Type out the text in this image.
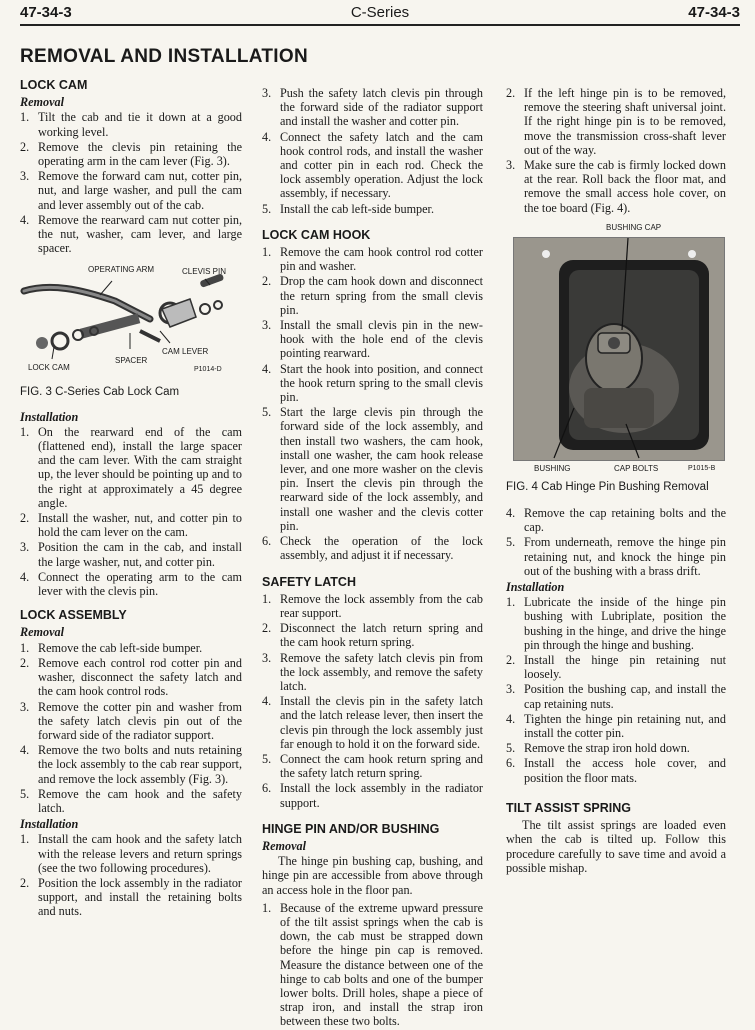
47-34-3	C-Series	47-34-3
REMOVAL AND INSTALLATION
LOCK CAM
Removal
1. Tilt the cab and tie it down at a good working level.
2. Remove the clevis pin retaining the operating arm in the cam lever (Fig. 3).
3. Remove the forward cam nut, cotter pin, nut, and large washer, and pull the cam and lever assembly out of the cab.
4. Remove the rearward cam nut cotter pin, the nut, washer, cam lever, and large spacer.
OPERATING ARM	CLEVIS PIN
CAM LEVER
LOCK CAM
SPACER
P1014-D
FIG. 3 C-Series Cab Lock Cam
Installation
1. On the rearward end of the cam (flattened end), install the large spacer and the cam lever. With the cam straight up, the lever should be pointing up and to the right at approximately a 45 degree angle.
2. Install the washer, nut, and cotter pin to hold the cam lever on the cam.
3. Position the cam in the cab, and install the large washer, nut, and cotter pin.
4. Connect the operating arm to the cam lever with the clevis pin.
LOCK ASSEMBLY
Removal
1. Remove the cab left-side bumper.
2. Remove each control rod cotter pin and washer, disconnect the safety latch and the cam hook control rods.
3. Remove the cotter pin and washer from the safety latch clevis pin out of the forward side of the radiator support.
4. Remove the two bolts and nuts retaining the lock assembly to the cab rear support, and remove the lock assembly (Fig. 3).
5. Remove the cam hook and the safety latch.
Installation
1. Install the cam hook and the safety latch with the release levers and return springs (see the two following procedures).
2. Position the lock assembly in the radiator support, and install the retaining bolts and nuts.
3. Push the safety latch clevis pin through the forward side of the radiator support and install the washer and cotter pin.
4. Connect the safety latch and the cam hook control rods, and install the washer and cotter pin in each rod. Check the lock assembly operation. Adjust the lock assembly, if necessary.
5. Install the cab left-side bumper.
LOCK CAM HOOK
1. Remove the cam hook control rod cotter pin and washer.
2. Drop the cam hook down and disconnect the return spring from the small clevis pin.
3. Install the small clevis pin in the new-hook with the hole end of the clevis pointing rearward.
4. Start the hook into position, and connect the hook return spring to the small clevis pin.
5. Start the large clevis pin through the forward side of the lock assembly, and then install two washers, the cam hook, install one washer, the cam hook release lever, and one more washer on the clevis pin. Insert the clevis pin through the rearward side of the lock assembly, and install one washer and the clevis cotter pin.
6. Check the operation of the lock assembly, and adjust it if necessary.
SAFETY LATCH
1. Remove the lock assembly from the cab rear support.
2. Disconnect the latch return spring and the cam hook return spring.
3. Remove the safety latch clevis pin from the lock assembly, and remove the safety latch.
4. Install the clevis pin in the safety latch and the latch release lever, then insert the clevis pin through the lock assembly just far enough to hold it on the forward side.
5. Connect the cam hook return spring and the safety latch return spring.
6. Install the lock assembly in the radiator support.
HINGE PIN AND/OR BUSHING
Removal

The hinge pin bushing cap, bushing, and hinge pin are accessible from above through an access hole in the floor pan.

1. Because of the extreme upward pressure of the tilt assist springs when the cab is down, the cab must be strapped down before the hinge pin cap is removed. Measure the distance between one of the hinge to cab bolts and one of the bumper lower bolts. Drill holes, shape a piece of strap iron, and install the strap iron between these two bolts.
2. If the left hinge pin is to be removed, remove the steering shaft universal joint. If the right hinge pin is to be removed, move the transmission cross-shaft lever out of the way.
3. Make sure the cab is firmly locked down at the rear. Roll back the floor mat, and remove the small access hole cover, on the toe board (Fig. 4).
BUSHING CAP
BUSHING	CAP BOLTS	P1015-B
FIG. 4 Cab Hinge Pin Bushing Removal
4. Remove the cap retaining bolts and the cap.
5. From underneath, remove the hinge pin retaining nut, and knock the hinge pin out of the bushing with a brass drift.
Installation
1. Lubricate the inside of the hinge pin bushing with Lubriplate, position the bushing in the hinge, and drive the hinge pin through the hinge and bushing.
2. Install the hinge pin retaining nut loosely.
3. Position the bushing cap, and install the cap retaining nuts.
4. Tighten the hinge pin retaining nut, and install the cotter pin.
5. Remove the strap iron hold down.
6. Install the access hole cover, and position the floor mats.
TILT ASSIST SPRING

The tilt assist springs are loaded even when the cab is tilted up. Follow this procedure carefully to save time and avoid a possible mishap.
